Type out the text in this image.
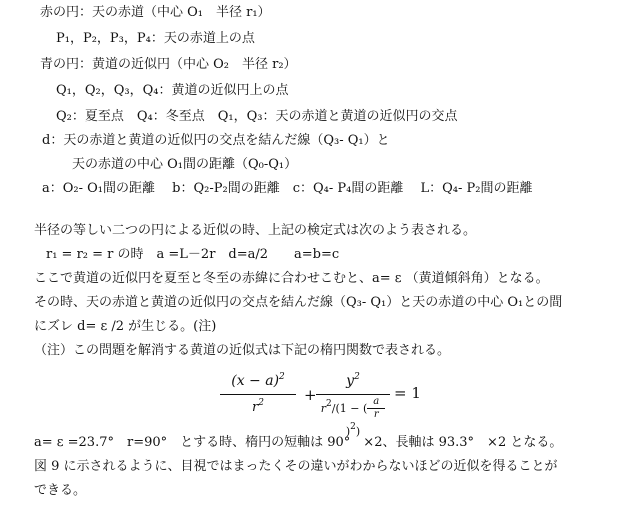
赤の円：天の赤道（中心 O₁　半径 r₁）
P₁，P₂，P₃，P₄：天の赤道上の点
青の円：黄道の近似円（中心 O₂　半径 r₂）
Q₁，Q₂，Q₃，Q₄：黄道の近似円上の点
Q₂：夏至点　Q₄：冬至点　Q₁，Q₃：天の赤道と黄道の近似円の交点
d：天の赤道と黄道の近似円の交点を結んだ線（Q₃- Q₁）と
天の赤道の中心 O₁間の距離（Q₀-Q₁）
a：O₂- O₁間の距離　 b：Q₂-P₂間の距離　c：Q₄- P₄間の距離　 L：Q₄- P₂間の距離
半径の等しい二つの円による近似の時、上記の検定式は次のよう表される。
r₁ = r₂ = r の時　a =L－2r　d=a/2　　a=b=c
ここで黄道の近似円を夏至と冬至の赤緯に合わせこむと、a= ε （黄道傾斜角）となる。
その時、天の赤道と黄道の近似円の交点を結んだ線（Q₃- Q₁）と天の赤道の中心 O₁との間
にズレ d= ε /2 が生じる。(注)
（注）この問題を解消する黄道の近似式は下記の楕円関数で表される。
$(x - a)^2$
$r^2$	+
$y^2$
$r^2/(1$ − ( $\frac{a}{r}$
)$^2$)
= 1
a= ε =23.7°　r=90°　とする時、楕円の短軸は 90°　×2、長軸は 93.3°　×2 となる。
図 9 に示されるように、目視ではまったくその違いがわからないほどの近似を得ることが
できる。
